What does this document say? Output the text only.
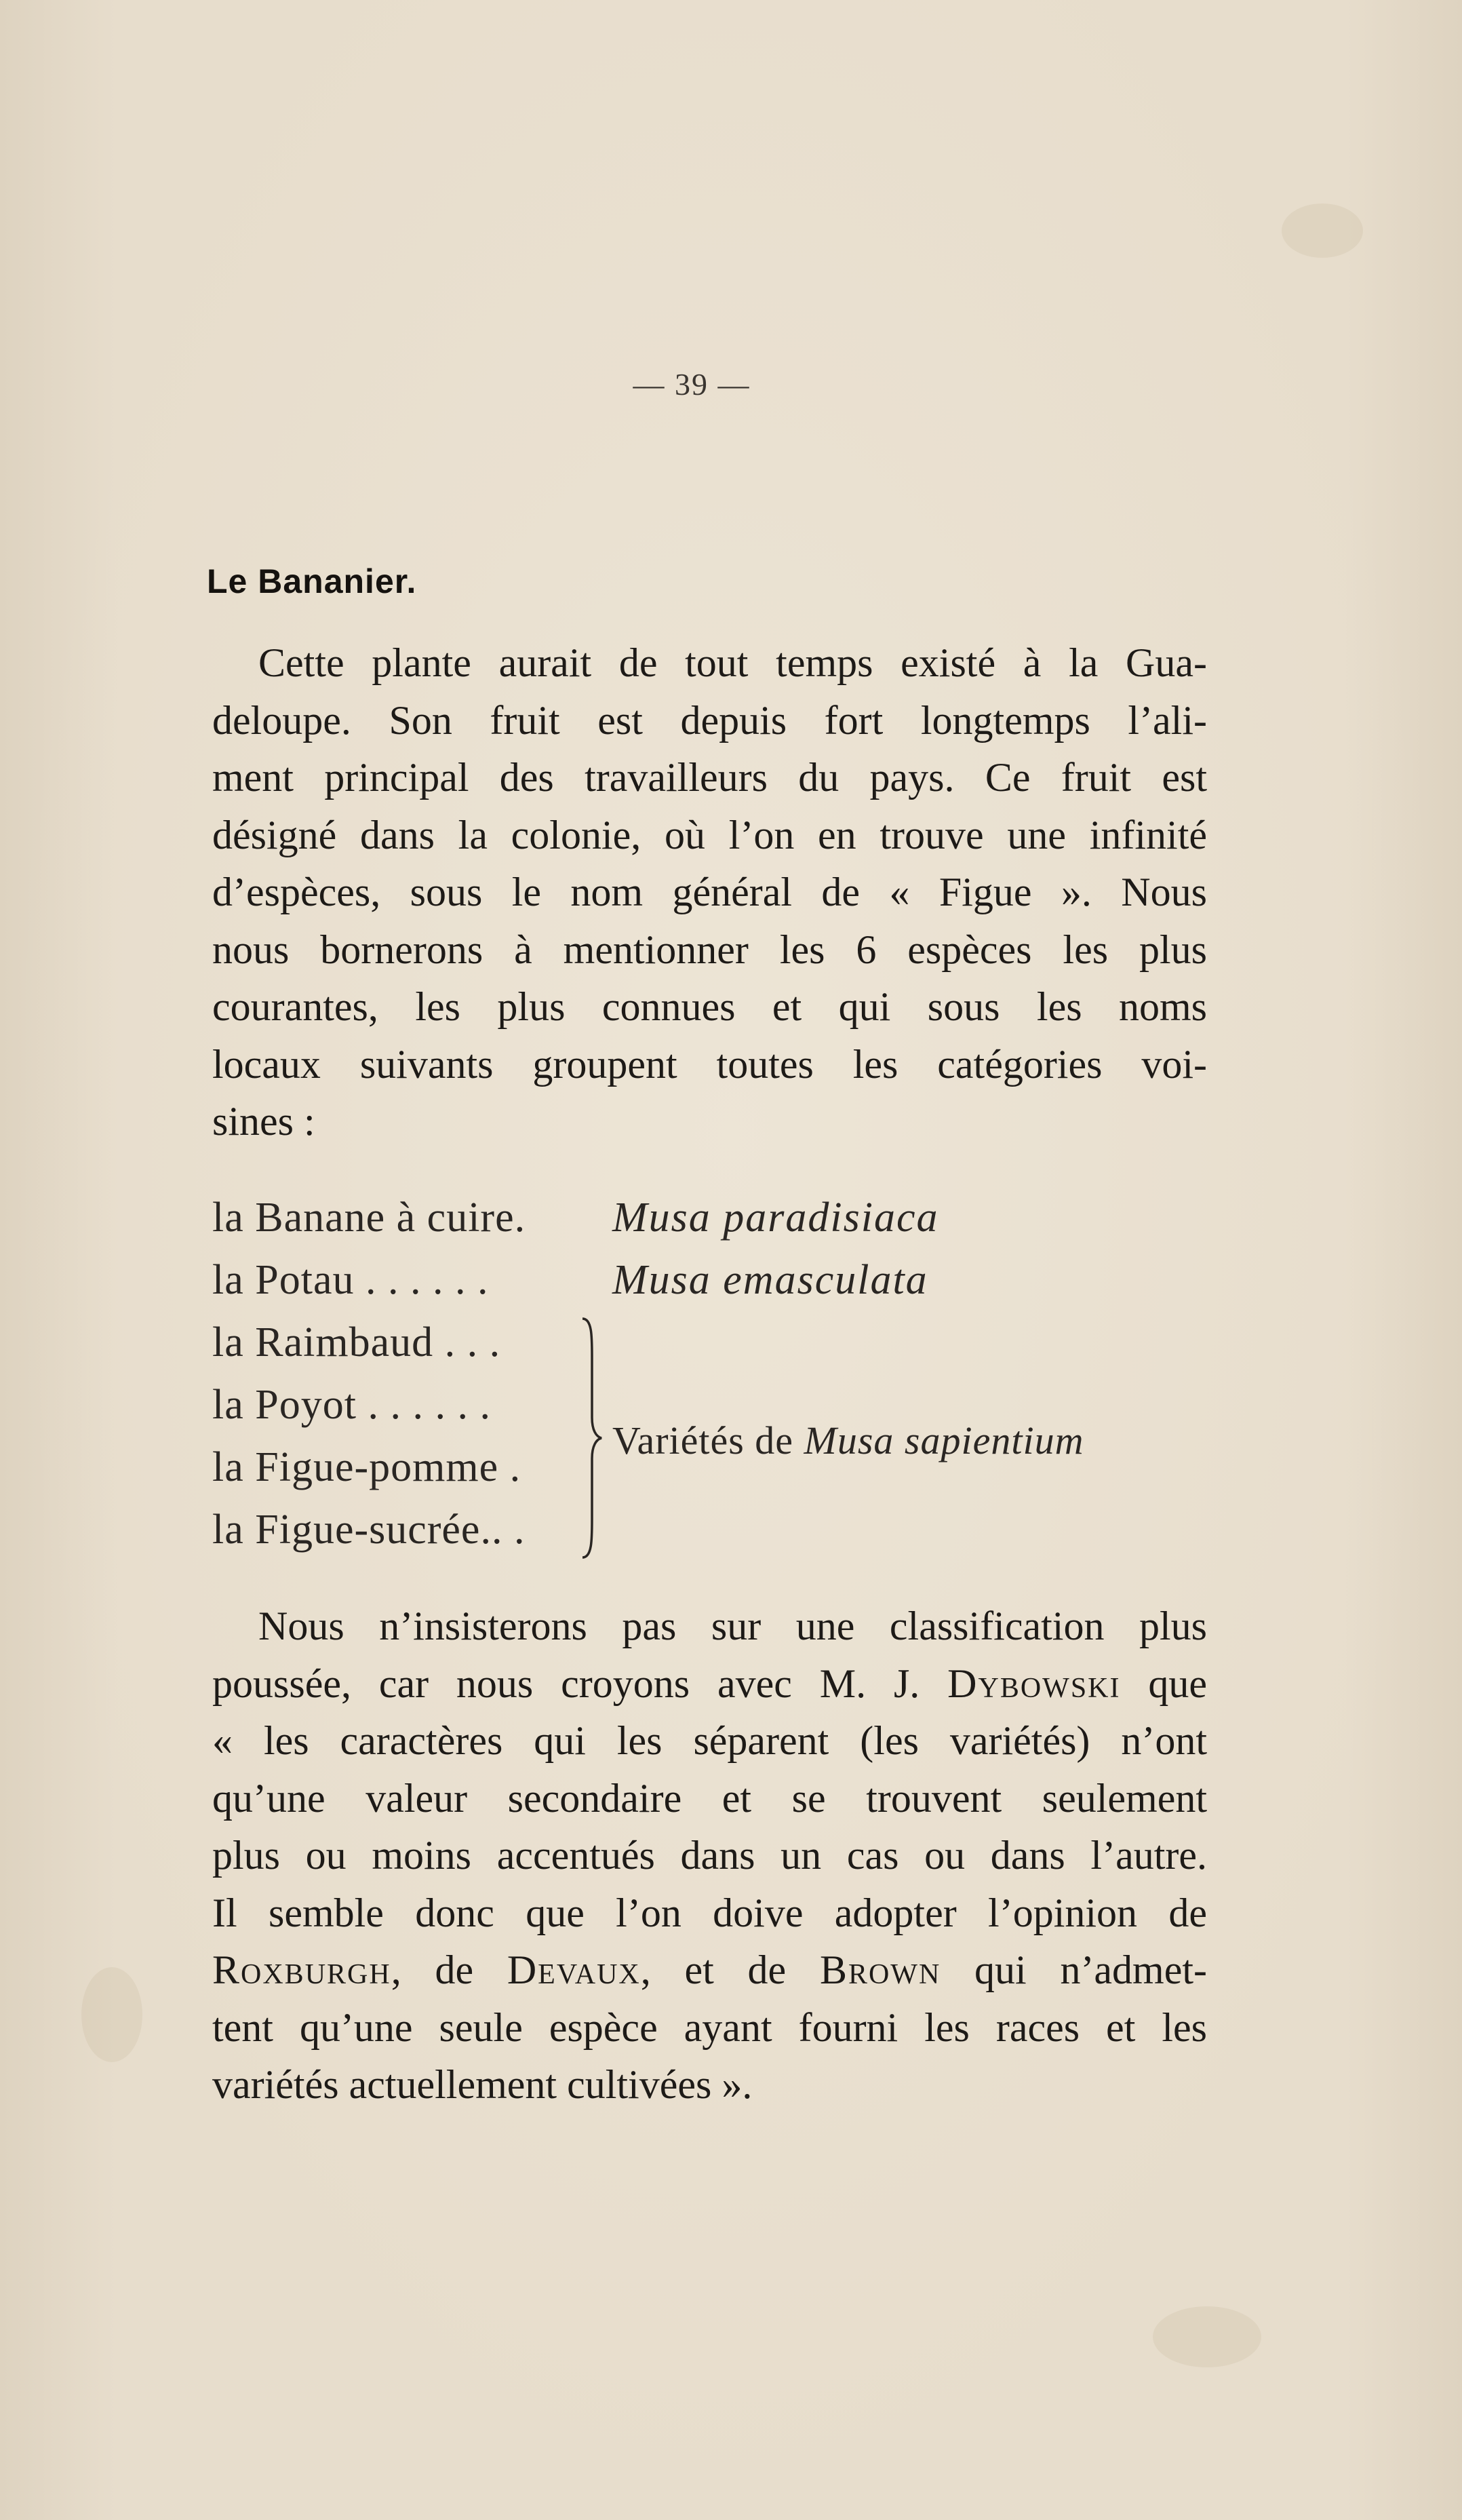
— 39 —
Le Bananier.
Cette plante aurait de tout temps existé à la Gua-
deloupe. Son fruit est depuis fort longtemps l’ali-
ment principal des travailleurs du pays. Ce fruit est
désigné dans la colonie, où l’on en trouve une infinité
d’espèces, sous le nom général de « Figue ». Nous
nous bornerons à mentionner les 6 espèces les plus
courantes, les plus connues et qui sous les noms
locaux suivants groupent toutes les catégories voi-
sines :
la Banane à cuire. Musa paradisiaca
la Potau . . . . . .	Musa emasculata
la Raimbaud . . .
la Poyot . . . . . .
la Figue-pomme .
la Figue-sucrée.. .
Variétés de Musa sapientium
Nous n’insisterons pas sur une classification plus
poussée, car nous croyons avec M. J. Dybowski que
« les caractères qui les séparent (les variétés) n’ont
qu’une valeur secondaire et se trouvent seulement
plus ou moins accentués dans un cas ou dans l’autre.
Il semble donc que l’on doive adopter l’opinion de
Roxburgh, de Devaux, et de Brown qui n’admet-
tent qu’une seule espèce ayant fourni les races et les
variétés actuellement cultivées ».
